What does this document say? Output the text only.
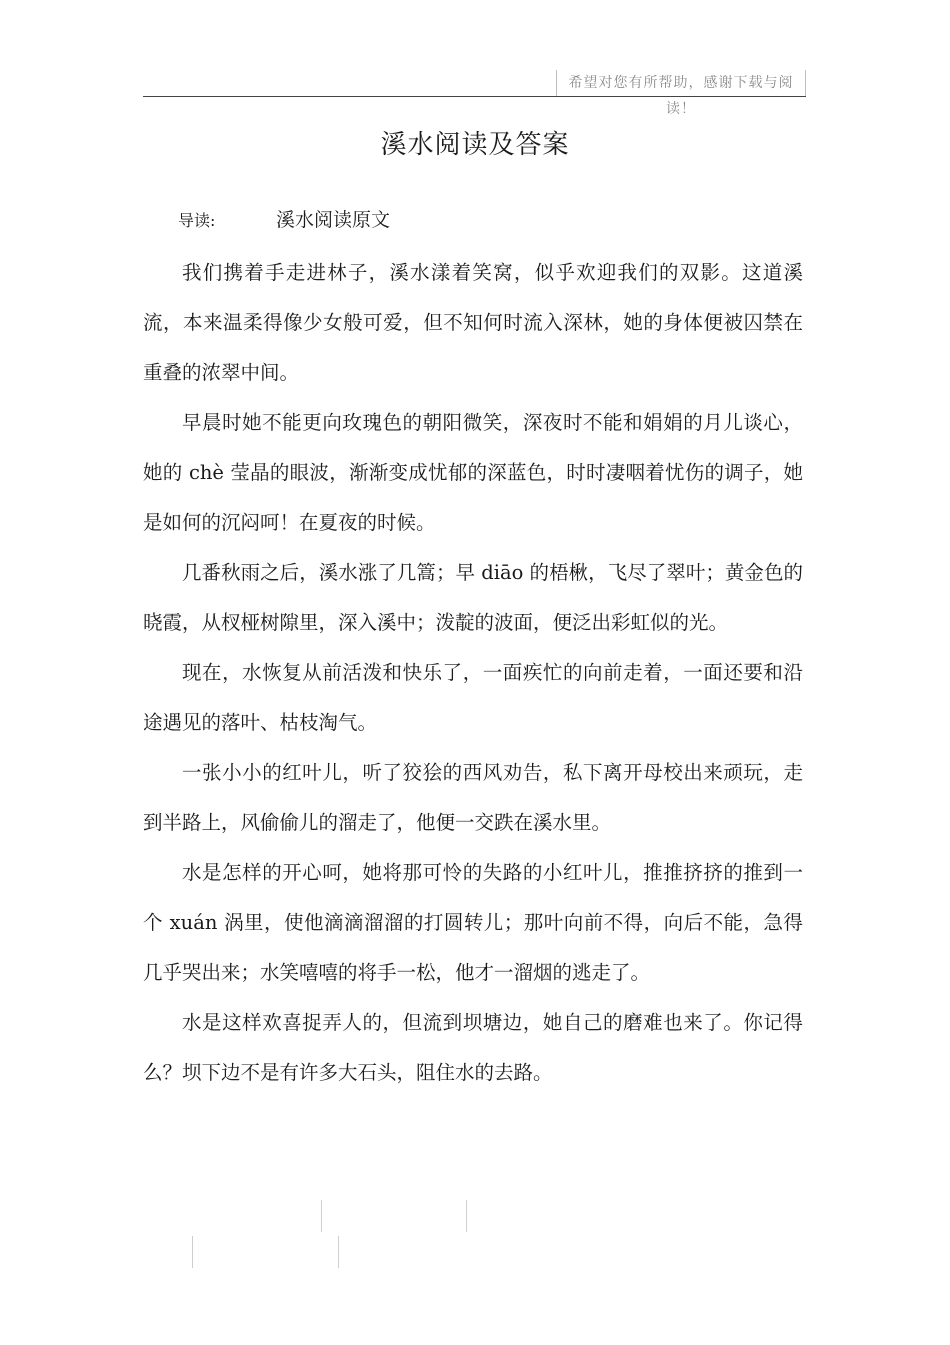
希望对您有所帮助，感谢下载与阅读！
溪水阅读及答案
导读:	溪水阅读原文

我们携着手走进林子，溪水漾着笑窝，似乎欢迎我们的双影。这道溪流，本来温柔得像少女般可爱，但不知何时流入深林，她的身体便被囚禁在重叠的浓翠中间。

早晨时她不能更向玫瑰色的朝阳微笑，深夜时不能和娟娟的月儿谈心，她的 chè 莹晶的眼波，渐渐变成忧郁的深蓝色，时时凄咽着忧伤的调子，她是如何的沉闷呵！在夏夜的时候。

几番秋雨之后，溪水涨了几篙；早 diāo 的梧楸，飞尽了翠叶；黄金色的晓霞，从杈桠树隙里，深入溪中；泼靛的波面，便泛出彩虹似的光。

现在，水恢复从前活泼和快乐了，一面疾忙的向前走着，一面还要和沿途遇见的落叶、枯枝淘气。

一张小小的红叶儿，听了狡狯的西风劝告，私下离开母校出来顽玩，走到半路上，风偷偷儿的溜走了，他便一交跌在溪水里。

水是怎样的开心呵，她将那可怜的失路的小红叶儿，推推挤挤的推到一个 xuán 涡里，使他滴滴溜溜的打圆转儿；那叶向前不得，向后不能，急得几乎哭出来；水笑嘻嘻的将手一松，他才一溜烟的逃走了。

水是这样欢喜捉弄人的，但流到坝塘边，她自己的磨难也来了。你记得么？坝下边不是有许多大石头，阻住水的去路。
